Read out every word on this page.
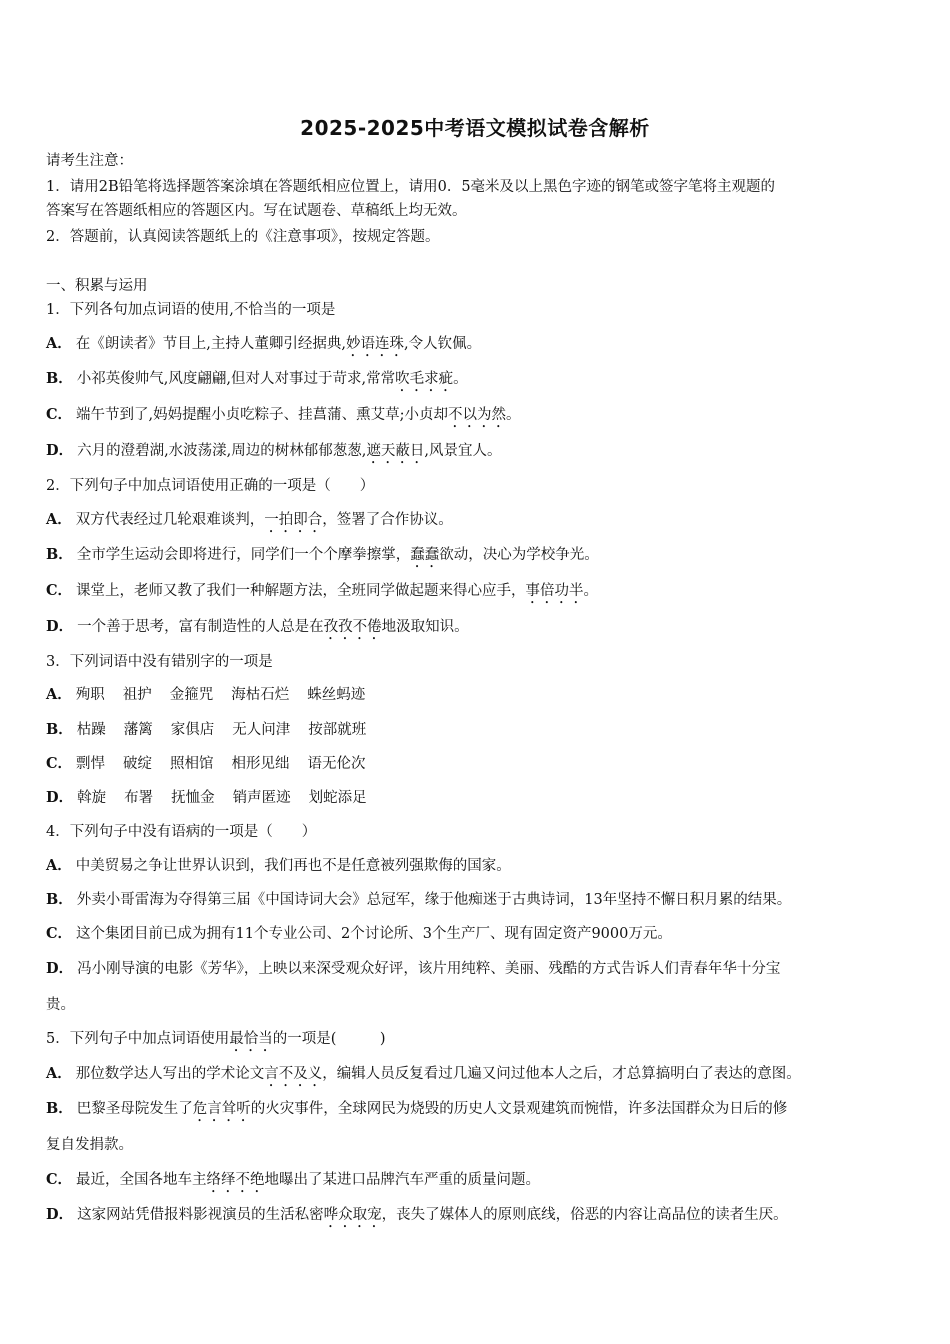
2025-2025中考语文模拟试卷含解析
请考生注意：
1．请用2B铅笔将选择题答案涂填在答题纸相应位置上，请用0．5毫米及以上黑色字迹的钢笔或签字笔将主观题的
答案写在答题纸相应的答题区内。写在试题卷、草稿纸上均无效。
2．答题前，认真阅读答题纸上的《注意事项》，按规定答题。
一、积累与运用
1．下列各句加点词语的使用,不恰当的一项是
A． 在《朗读者》节目上,主持人董卿引经据典,妙语连珠,令人钦佩。
B． 小祁英俊帅气,风度翩翩,但对人对事过于苛求,常常吹毛求疵。
C． 端午节到了,妈妈提醒小贞吃粽子、挂菖蒲、熏艾草;小贞却不以为然。
D． 六月的澄碧湖,水波荡漾,周边的树林郁郁葱葱,遮天蔽日,风景宜人。
2．下列句子中加点词语使用正确的一项是（　　）
A． 双方代表经过几轮艰难谈判，一拍即合，签署了合作协议。
B． 全市学生运动会即将进行，同学们一个个摩拳擦掌，蠢蠢欲动，决心为学校争光。
C． 课堂上，老师又教了我们一种解题方法，全班同学做起题来得心应手，事倍功半。
D． 一个善于思考，富有制造性的人总是在孜孜不倦地汲取知识。
3．下列词语中没有错别字的一项是
A． 殉职 祖护 金箍咒 海枯石烂 蛛丝蚂迹
B． 枯躁 藩篱 家俱店 无人问津 按部就班
C． 剽悍 破绽 照相馆 相形见绌 语无伦次
D． 斡旋 布署 抚恤金 销声匿迹 划蛇添足
4．下列句子中没有语病的一项是（　　）
A． 中美贸易之争让世界认识到，我们再也不是任意被列强欺侮的国家。
B． 外卖小哥雷海为夺得第三届《中国诗词大会》总冠军，缘于他痴迷于古典诗词，13年坚持不懈日积月累的结果。
C． 这个集团目前已成为拥有11个专业公司、2个讨论所、3个生产厂、现有固定资产9000万元。
D． 冯小刚导演的电影《芳华》，上映以来深受观众好评，该片用纯粹、美丽、残酷的方式告诉人们青春年华十分宝
贵。
5．下列句子中加点词语使用最恰当的一项是(　　　)
A． 那位数学达人写出的学术论文言不及义，编辑人员反复看过几遍又问过他本人之后，才总算搞明白了表达的意图。
B． 巴黎圣母院发生了危言耸听的火灾事件，全球网民为烧毁的历史人文景观建筑而惋惜，许多法国群众为日后的修
复自发捐款。
C． 最近，全国各地车主络绎不绝地曝出了某进口品牌汽车严重的质量问题。
D． 这家网站凭借报料影视演员的生活私密哗众取宠，丧失了媒体人的原则底线，俗恶的内容让高品位的读者生厌。
